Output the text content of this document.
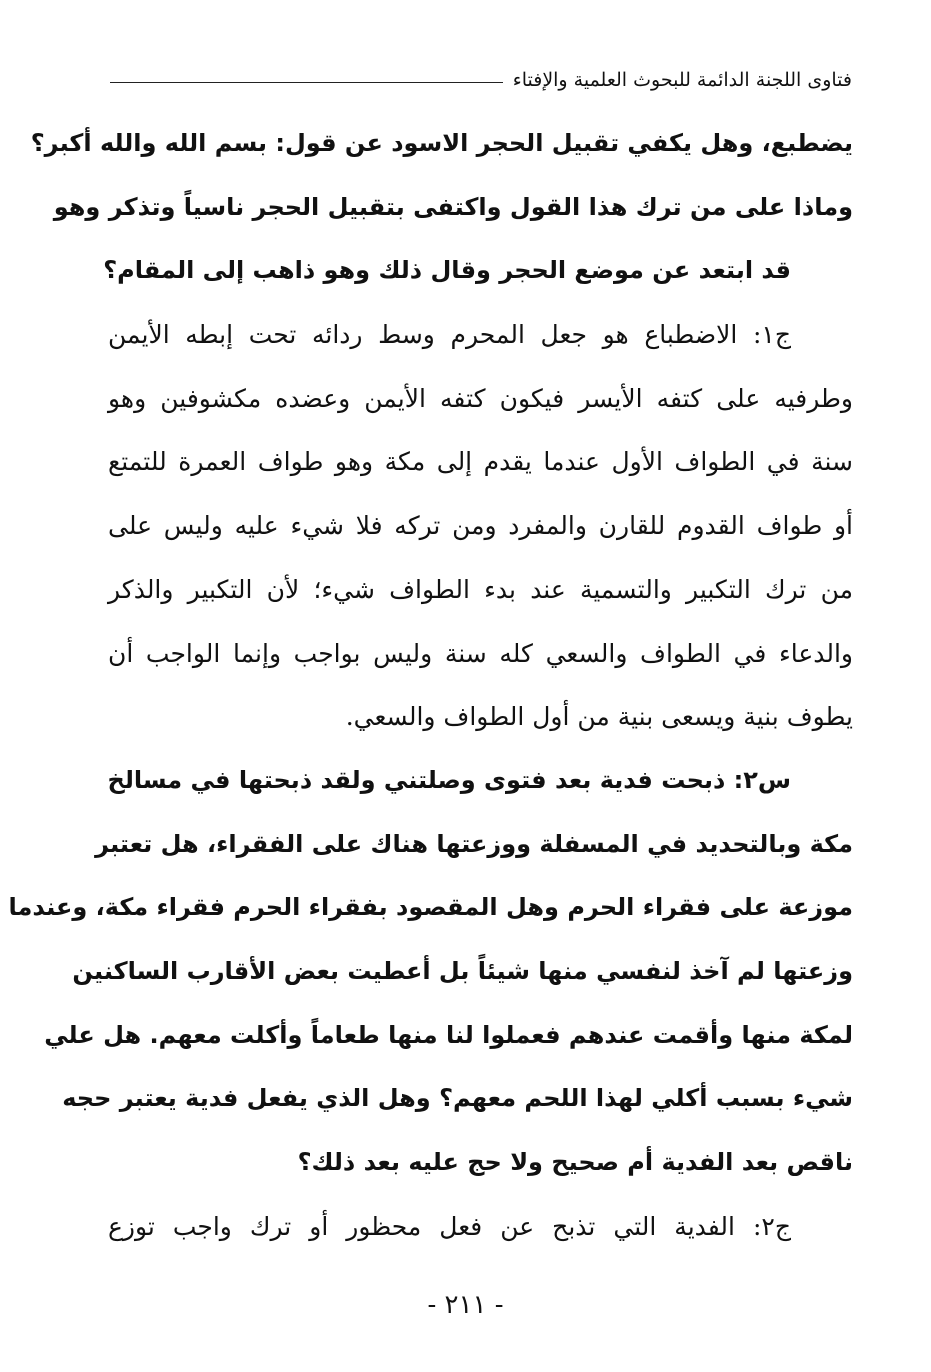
فتاوى اللجنة الدائمة للبحوث العلمية والإفتاء
يضطبع، وهل يكفي تقبيل الحجر الاسود عن قول: بسم الله والله أكبر؟
وماذا على من ترك هذا القول واكتفى بتقبيل الحجر ناسياً وتذكر وهو
قد ابتعد عن موضع الحجر وقال ذلك وهو ذاهب إلى المقام؟
ج١: الاضطباع هو جعل المحرم وسط ردائه تحت إبطه الأيمن
وطرفيه على كتفه الأيسر فيكون كتفه الأيمن وعضده مكشوفين وهو
سنة في الطواف الأول عندما يقدم إلى مكة وهو طواف العمرة للتمتع
أو طواف القدوم للقارن والمفرد ومن تركه فلا شيء عليه وليس على
من ترك التكبير والتسمية عند بدء الطواف شيء؛ لأن التكبير والذكر
والدعاء في الطواف والسعي كله سنة وليس بواجب وإنما الواجب أن
يطوف بنية ويسعى بنية من أول الطواف والسعي.
س٢: ذبحت فدية بعد فتوى وصلتني ولقد ذبحتها في مسالخ
مكة وبالتحديد في المسفلة ووزعتها هناك على الفقراء، هل تعتبر
موزعة على فقراء الحرم وهل المقصود بفقراء الحرم فقراء مكة، وعندما
وزعتها لم آخذ لنفسي منها شيئاً بل أعطيت بعض الأقارب الساكنين
لمكة منها وأقمت عندهم فعملوا لنا منها طعاماً وأكلت معهم. هل علي
شيء بسبب أكلي لهذا اللحم معهم؟ وهل الذي يفعل فدية يعتبر حجه
ناقص بعد الفدية أم صحيح ولا حج عليه بعد ذلك؟
ج٢: الفدية التي تذبح عن فعل محظور أو ترك واجب توزع
- ٢١١ -
